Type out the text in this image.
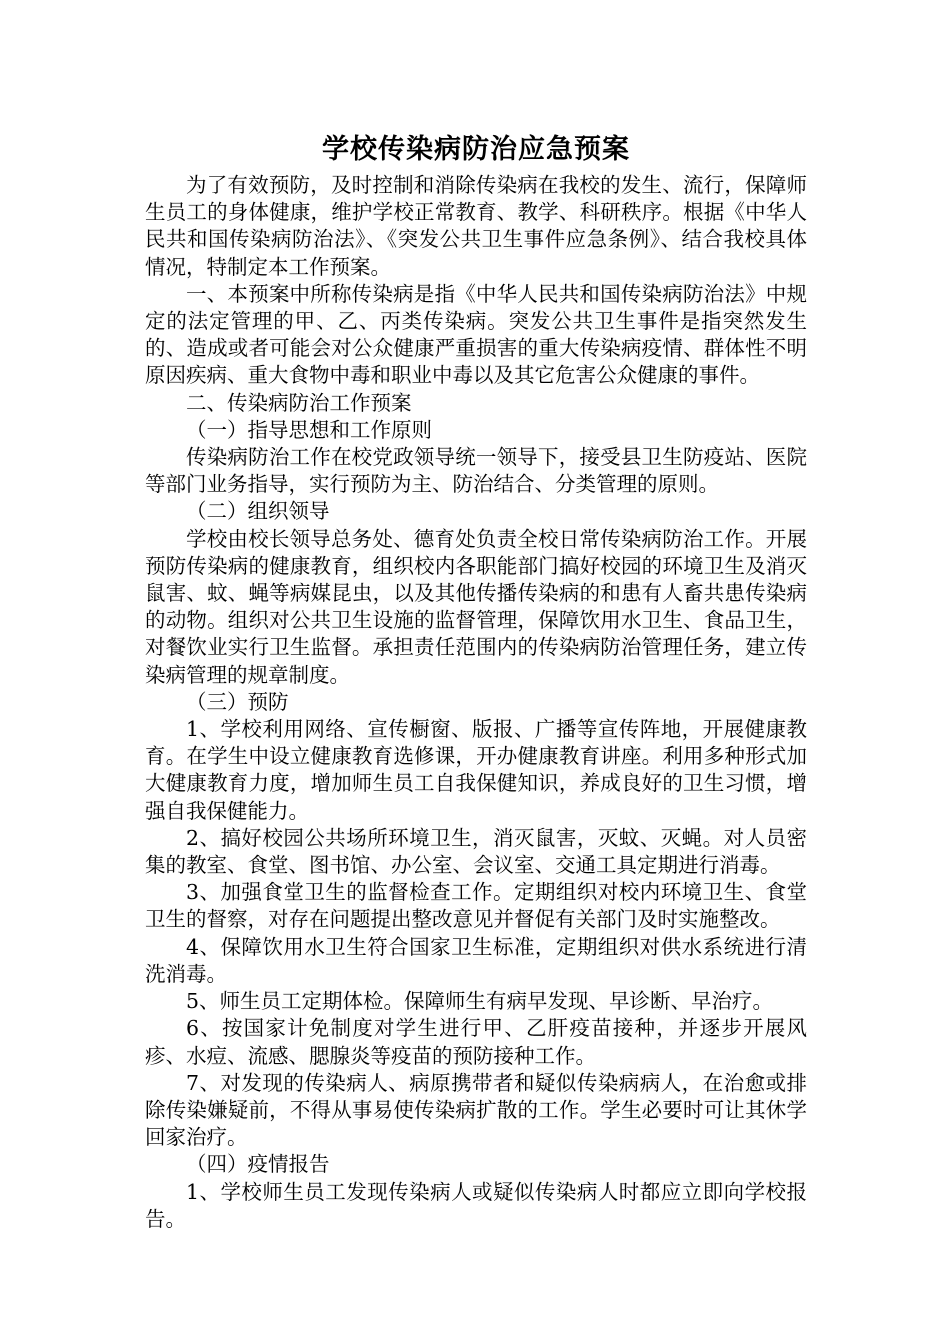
学校传染病防治应急预案

为了有效预防，及时控制和消除传染病在我校的发生、流行，保障师生员工的身体健康，维护学校正常教育、教学、科研秩序。根据《中华人民共和国传染病防治法》、《突发公共卫生事件应急条例》、结合我校具体情况，特制定本工作预案。

一、本预案中所称传染病是指《中华人民共和国传染病防治法》中规定的法定管理的甲、乙、丙类传染病。突发公共卫生事件是指突然发生的、造成或者可能会对公众健康严重损害的重大传染病疫情、群体性不明原因疾病、重大食物中毒和职业中毒以及其它危害公众健康的事件。

二、传染病防治工作预案

（一）指导思想和工作原则

传染病防治工作在校党政领导统一领导下，接受县卫生防疫站、医院等部门业务指导，实行预防为主、防治结合、分类管理的原则。

（二）组织领导

学校由校长领导总务处、德育处负责全校日常传染病防治工作。开展预防传染病的健康教育，组织校内各职能部门搞好校园的环境卫生及消灭鼠害、蚊、蝇等病媒昆虫，以及其他传播传染病的和患有人畜共患传染病的动物。组织对公共卫生设施的监督管理，保障饮用水卫生、食品卫生，对餐饮业实行卫生监督。承担责任范围内的传染病防治管理任务，建立传染病管理的规章制度。

（三）预防

1、学校利用网络、宣传橱窗、版报、广播等宣传阵地，开展健康教育。在学生中设立健康教育选修课，开办健康教育讲座。利用多种形式加大健康教育力度，增加师生员工自我保健知识，养成良好的卫生习惯，增强自我保健能力。

2、搞好校园公共场所环境卫生，消灭鼠害，灭蚊、灭蝇。对人员密集的教室、食堂、图书馆、办公室、会议室、交通工具定期进行消毒。

3、加强食堂卫生的监督检查工作。定期组织对校内环境卫生、食堂卫生的督察，对存在问题提出整改意见并督促有关部门及时实施整改。

4、保障饮用水卫生符合国家卫生标准，定期组织对供水系统进行清洗消毒。

5、师生员工定期体检。保障师生有病早发现、早诊断、早治疗。

6、按国家计免制度对学生进行甲、乙肝疫苗接种，并逐步开展风疹、水痘、流感、腮腺炎等疫苗的预防接种工作。

7、对发现的传染病人、病原携带者和疑似传染病病人，在治愈或排除传染嫌疑前，不得从事易使传染病扩散的工作。学生必要时可让其休学回家治疗。

（四）疫情报告

1、学校师生员工发现传染病人或疑似传染病人时都应立即向学校报告。
